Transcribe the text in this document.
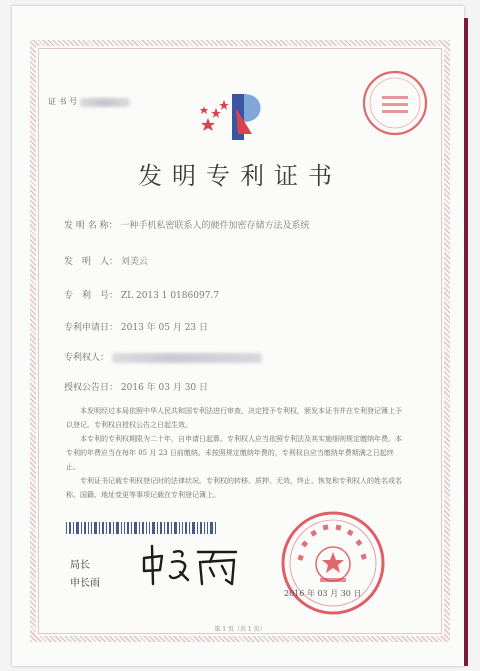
证 书 号
发明专利证书
发 明 名 称： 一种手机私密联系人的硬件加密存储方法及系统
发　明　人： 刘美云
专　利　号： ZL 2013 1 0186097.7
专利申请日： 2013 年 05 月 23 日
专利权人：
授权公告日： 2016 年 03 月 30 日

本发明经过本局依照中华人民共和国专利法进行审查，决定授予专利权，颁发本证书并在专利登记簿上予以登记。专利权自授权公告之日起生效。

本专利的专利权期限为二十年，自申请日起算。专利权人应当依照专利法及其实施细则规定缴纳年费。本专利的年费应当在每年 05 月 23 日前缴纳。未按照规定缴纳年费的，专利权自应当缴纳年费期满之日起终止。

专利证书记载专利权登记时的法律状况。专利权的转移、质押、无效、终止、恢复和专利权人的姓名或名称、国籍、地址变更等事项记载在专利登记簿上。

局长
申长雨
2016 年 03 月 30 日
第 1 页（共 1 页）
